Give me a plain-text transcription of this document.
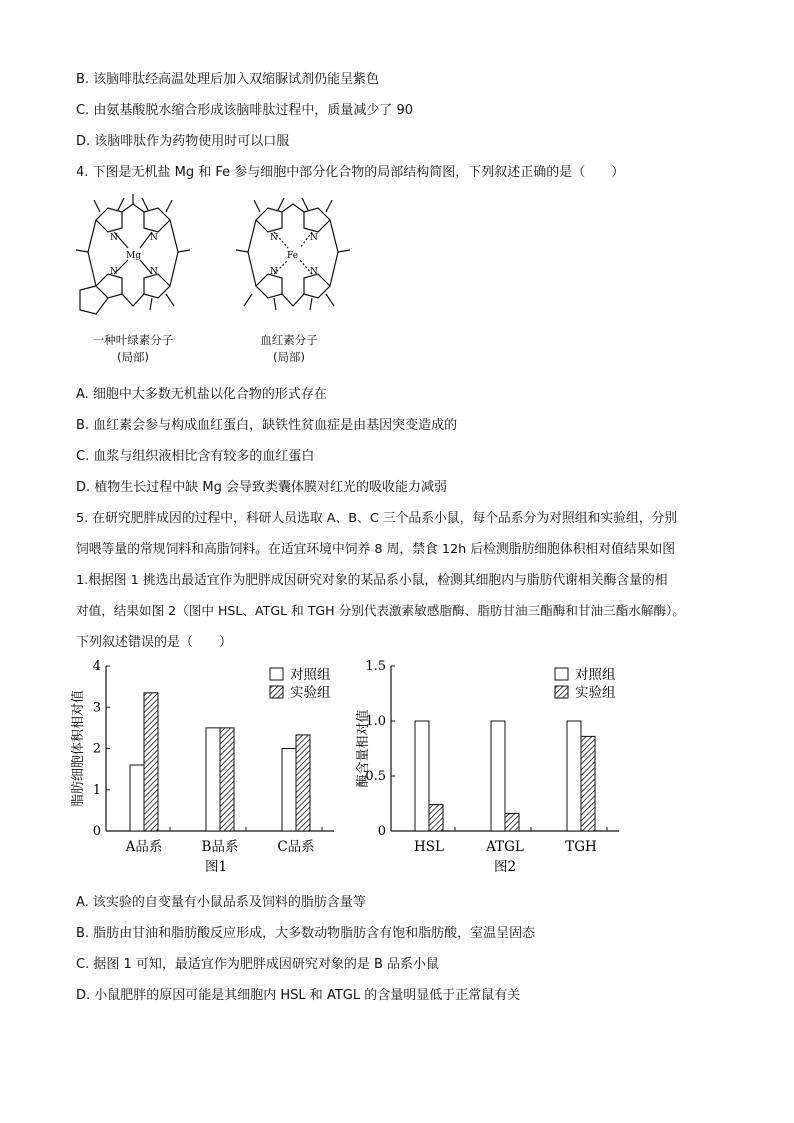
B. 该脑啡肽经高温处理后加入双缩脲试剂仍能呈紫色
C. 由氨基酸脱水缩合形成该脑啡肽过程中，质量减少了 90
D. 该脑啡肽作为药物使用时可以口服
4. 下图是无机盐 Mg 和 Fe 参与细胞中部分化合物的局部结构简图，下列叙述正确的是（　　）
N	N
N
N
Mg
一种叶绿素分子
(局部)
N	N
N
N
Fe
血红素分子
(局部)
A. 细胞中大多数无机盐以化合物的形式存在
B. 血红素会参与构成血红蛋白，缺铁性贫血症是由基因突变造成的
C. 血浆与组织液相比含有较多的血红蛋白
D. 植物生长过程中缺 Mg 会导致类囊体膜对红光的吸收能力减弱
5. 在研究肥胖成因的过程中，科研人员选取 A、B、C 三个品系小鼠，每个品系分为对照组和实验组，分别
饲喂等量的常规饲料和高脂饲料。在适宜环境中饲养 8 周，禁食 12h 后检测脂肪细胞体积相对值结果如图
1.根据图 1 挑选出最适宜作为肥胖成因研究对象的某品系小鼠，检测其细胞内与脂肪代谢相关酶含量的相
对值，结果如图 2（图中 HSL、ATGL 和 TGH 分别代表激素敏感脂酶、脂肪甘油三酯酶和甘油三酯水解酶）。
下列叙述错误的是（　　）
0
1
2
3
4
脂肪细胞体积相对值
A品系	B品系	C品系
对照组
实验组
图1
0
0.5
1.0
1.5
酶含量相对值
HSL	ATGL	TGH
对照组
实验组
图2
A. 该实验的自变量有小鼠品系及饲料的脂肪含量等
B. 脂肪由甘油和脂肪酸反应形成，大多数动物脂肪含有饱和脂肪酸，室温呈固态
C. 据图 1 可知，最适宜作为肥胖成因研究对象的是 B 品系小鼠
D. 小鼠肥胖的原因可能是其细胞内 HSL 和 ATGL 的含量明显低于正常鼠有关
